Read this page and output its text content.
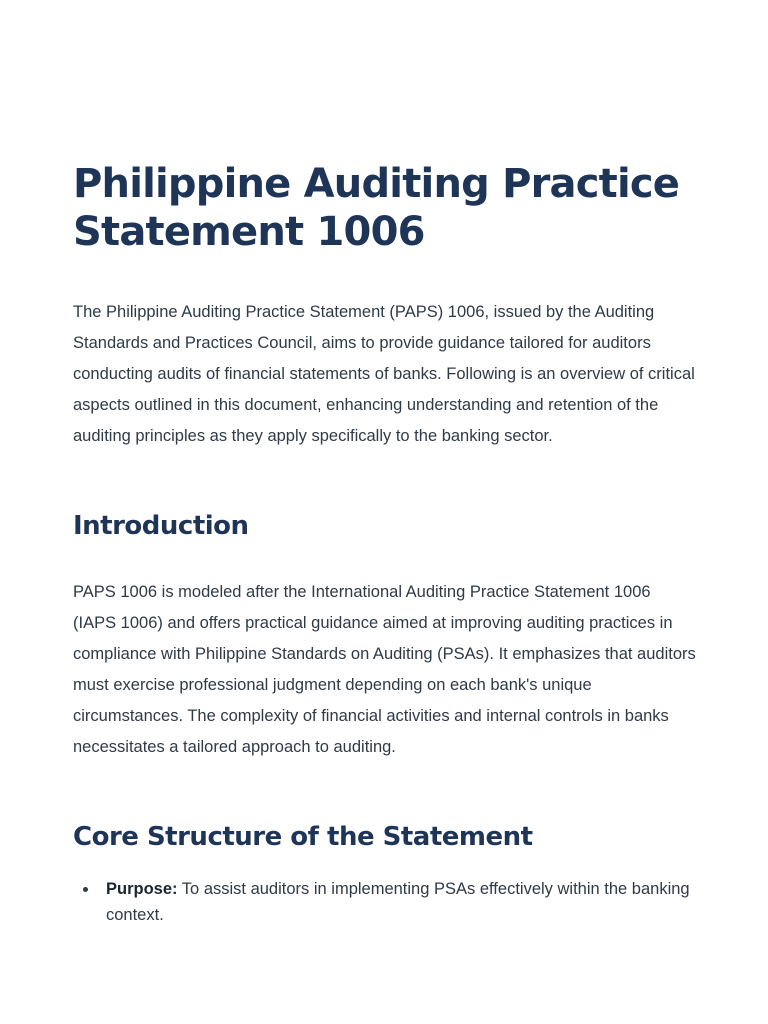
Philippine Auditing Practice Statement 1006

The Philippine Auditing Practice Statement (PAPS) 1006, issued by the Auditing Standards and Practices Council, aims to provide guidance tailored for auditors conducting audits of financial statements of banks. Following is an overview of critical aspects outlined in this document, enhancing understanding and retention of the auditing principles as they apply specifically to the banking sector.

Introduction

PAPS 1006 is modeled after the International Auditing Practice Statement 1006 (IAPS 1006) and offers practical guidance aimed at improving auditing practices in compliance with Philippine Standards on Auditing (PSAs). It emphasizes that auditors must exercise professional judgment depending on each bank's unique circumstances. The complexity of financial activities and internal controls in banks necessitates a tailored approach to auditing.

Core Structure of the Statement
Purpose: To assist auditors in implementing PSAs effectively within the banking context.
